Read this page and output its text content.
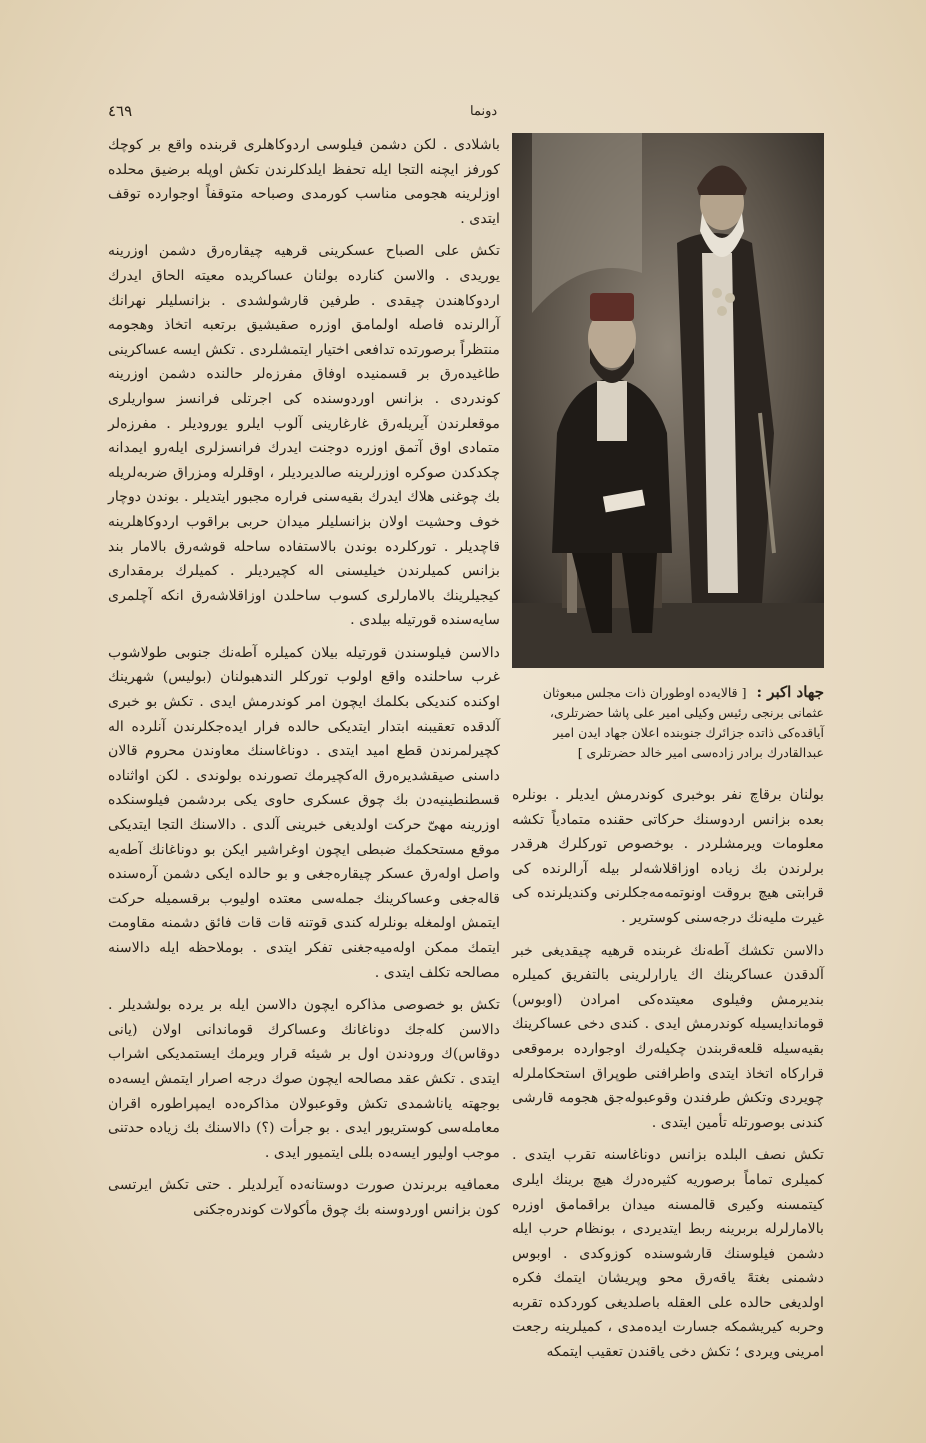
٤٦٩	دونما

باشلادی . لکن دشمن فیلوسی اردوکاهلری قربنده واقع بر کوچك کورفز ایچنه التجا ایله تحفظ ایلدکلرندن تکش اوپله برضیق محلده اوزلرینه هجومی مناسب کورمدی وصباحه متوقفاً اوجوارده توقف ایتدی .

تکش علی الصباح عسکرینی قرهیه چیقارەرق دشمن اوزرینه یوریدی . والاسن کنارده بولنان عساکریده معیته الحاق ایدرك اردوکاهندن چیقدی . طرفین قارشولشدی . بزانسلیلر نهرانك آرالرنده فاصله اولمامق اوزره صقیشیق برتعبه اتخاذ وهجومه منتظراً برصورتده تدافعی اختیار ایتمشلردی . تکش ایسه عساکرینی طاغیدەرق بر قسمنیده اوفاق مفرزەلر حالنده دشمن اوزرینه کوندردی . بزانس اوردوسنده کی اجرتلی فرانسز سواریلری موقعلرندن آیریلەرق غارغارینی آلوب ایلرو یورودیلر . مفرزەلر متمادی اوق آتمق اوزره دوجنت ایدرك فرانسزلری ایلەرو ایمدانه چکدکدن صوکره اوزرلرینه صالدیردیلر ، اوقلرله ومزراق ضربەلریله بك چوغنی هلاك ایدرك بقیەسنی فراره مجبور ایتدیلر . بوندن دوچار خوف وحشیت اولان بزانسلیلر میدان حربی براقوب اردوکاهلرینه قاچدیلر . تورکلرده بوندن بالاستفاده ساحله قوشەرق بالامار بند بزانس کمیلرندن خیلیسنی اله کچیردیلر . کمیلرك برمقداری کیجیلرینك بالامارلری کسوب ساحلدن اوزاقلاشەرق انکه آچلمری سایەسنده قورتیله بیلدی .

دالاسن فیلوسندن قورتیله بیلان کمیلره آطەنك جنوبی طولاشوب غرب ساحلنده واقع اولوب تورکلر الندهبولنان (بولیس) شهرینك اوکنده کندیکی بکلمك ایچون امر کوندرمش ایدی . تکش بو خبری آلدقده تعقیبنه ابتدار ایتدیکی حالده فرار ایدەجکلرندن آنلرده اله کچیرلمرندن قطع امید ایتدی . دوناغاسنك معاوندن محروم قالان داسنی صیقشدیرەرق الەکچیرمك تصورنده بولوندی . لکن اواثناده قسطنطینیەدن بك چوق عسکری حاوی یکی بردشمن فیلوسنکده اوزرینه مهیّ حرکت اولدیغی خبرینی آلدی . دالاسنك التجا ایتدیکی موقع مستحکمك ضبطی ایچون اوغراشیر ایکن بو دوناغانك آطەیه واصل اولەرق عسکر چیقارەجغی و بو حالده ایکی دشمن آرەسنده قالەجغی وعساکرینك جملەسی معتدە اولیوب برقسمیله حرکت ایتمش اولمغله بونلرله کندی قوتنه قات قات فائق دشمنه مقاومت ایتمك ممکن اولەمیەجغنی تفکر ایتدی . بوملاحظه ایله دالاسنه مصالحه تکلف ایتدی .

تکش بو خصوصی مذاکره ایچون دالاسن ایله بر یرده بولشدیلر . دالاسن کلەجك دوناغانك وعساکرك قوماندانی اولان (یانی دوقاس)ك ورودندن اول بر شیئه قرار ویرمك ایستمدیکی اشراب ایتدی . تکش عقد مصالحه ایچون صوك درجه اصرار ایتمش ایسەده بوجهته یاناشمدی تکش وقوعبولان مذاکرەده ایمپراطوره اقران معاملەسی کوستریور ایدی . بو جرأت (؟) دالاسنك بك زیاده حدتنی موجب اولیور ایسەده بللی ایتمیور ایدی .

معمافیه بربرندن صورت دوستانەده آیرلدیلر . حتی تکش ایرتسی کون بزانس اوردوسنه بك چوق مأکولات کوندرەجکنی

جهاد اکبر : [ قالایەده اوطوران ذات مجلس مبعوثان عثمانی برنجی رئیس وکیلی امیر علی پاشا حضرتلری، آیاقدەکی ذاتده جزائرك جنوبنده اعلان جهاد ایدن امیر عبدالقادرك برادر زادەسی امیر خالد حضرتلری ]

بولنان برقاچ نفر بوخبری کوندرمش ایدیلر . بونلره بعده بزانس اردوسنك حرکاتی حقنده متمادیاً تکشه معلومات ویرمشلردر . بوخصوص تورکلرك هرقدر برلرندن بك زیاده اوزاقلاشەلر بیله آرالرنده کی قرابتی هیچ بروقت اونوتمەمەجکلرنی وکندیلرنده کی غیرت ملیەنك درجەسنی کوستریر .

دالاسن تکشك آطەنك غربنده قرهیه چیقدیغی خبر آلدقدن عساکرینك اك یارارلرینی بالتفریق کمیلره بندیرمش وفیلوی معیتدەکی امرادن (اوبوس) قوماندایسیله کوندرمش ایدی . کندی دخی عساکرینك بقیەسیله قلعەقربندن چکیلەرك اوجوارده برموقعی قرارکاه اتخاذ ایتدی واطرافنی طوپراق استحکاملرله چویردی وتکش طرفندن وقوعبولەجق هجومه قارشی کندنی بوصورتله تأمین ایتدی .

تکش نصف البلده بزانس دوناغاسنه تقرب ایتدی . کمیلری تماماً برصوریه کثیرەدرك هیچ برینك ایلری کیتمسنه وکیری قالمسنه میدان براقمامق اوزره بالامارلرله بربرینه ربط ایتدیردی ، بونظام حرب ایله دشمن فیلوسنك قارشوسنده کوزوکدی . اوبوس دشمنی بغتهً یاقەرق محو وپریشان ایتمك فکره اولدیغی حالده علی العقله باصلدیغی کوردکده تقربه وحربه کیریشمکه جسارت ایدەمدی ، کمیلرینه رجعت امرینی ویردی ؛ تکش دخی یاقندن تعقیب ایتمکه
